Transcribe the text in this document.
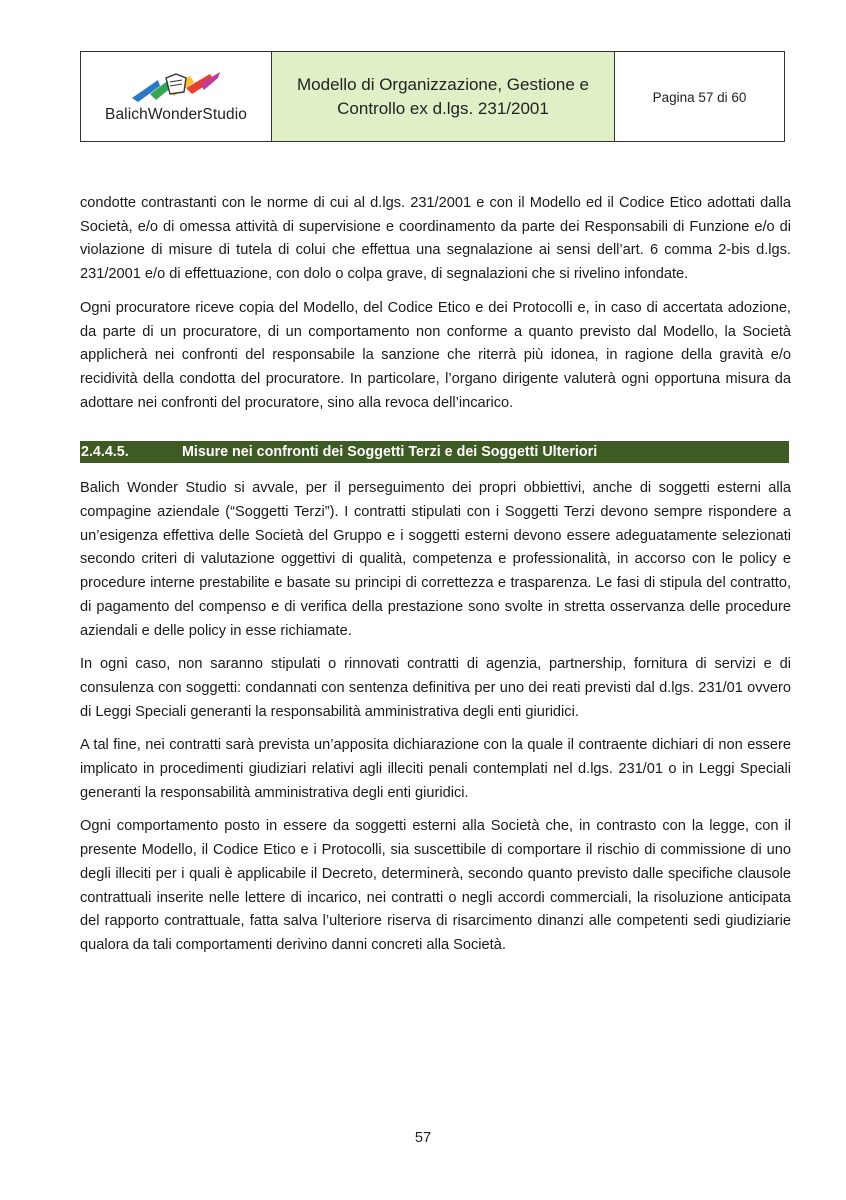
BalichWonderStudio
Modello di Organizzazione, Gestione e Controllo ex d.lgs. 231/2001
Pagina 57 di 60

condotte contrastanti con le norme di cui al d.lgs. 231/2001 e con il Modello ed il Codice Etico adottati dalla Società, e/o di omessa attività di supervisione e coordinamento da parte dei Responsabili di Funzione e/o di violazione di misure di tutela di colui che effettua una segnalazione ai sensi dell’art. 6 comma 2-bis d.lgs. 231/2001 e/o di effettuazione, con dolo o colpa grave, di segnalazioni che si rivelino infondate.

Ogni procuratore riceve copia del Modello, del Codice Etico e dei Protocolli e, in caso di accertata adozione, da parte di un procuratore, di un comportamento non conforme a quanto previsto dal Modello, la Società applicherà nei confronti del responsabile la sanzione che riterrà più idonea, in ragione della gravità e/o recidività della condotta del procuratore. In particolare, l’organo dirigente valuterà ogni opportuna misura da adottare nei confronti del procuratore, sino alla revoca dell’incarico.

2.4.4.5.	Misure nei confronti dei Soggetti Terzi e dei Soggetti Ulteriori

Balich Wonder Studio si avvale, per il perseguimento dei propri obbiettivi, anche di soggetti esterni alla compagine aziendale (“Soggetti Terzi”). I contratti stipulati con i Soggetti Terzi devono sempre rispondere a un’esigenza effettiva delle Società del Gruppo e i soggetti esterni devono essere adeguatamente selezionati secondo criteri di valutazione oggettivi di qualità, competenza e professionalità, in accorso con le policy e procedure interne prestabilite e basate su principi di correttezza e trasparenza. Le fasi di stipula del contratto, di pagamento del compenso e di verifica della prestazione sono svolte in stretta osservanza delle procedure aziendali e delle policy in esse richiamate.

In ogni caso, non saranno stipulati o rinnovati contratti di agenzia, partnership, fornitura di servizi e di consulenza con soggetti: condannati con sentenza definitiva per uno dei reati previsti dal d.lgs. 231/01 ovvero di Leggi Speciali generanti la responsabilità amministrativa degli enti giuridici.

A tal fine, nei contratti sarà prevista un’apposita dichiarazione con la quale il contraente dichiari di non essere implicato in procedimenti giudiziari relativi agli illeciti penali contemplati nel d.lgs. 231/01 o in Leggi Speciali generanti la responsabilità amministrativa degli enti giuridici.

Ogni comportamento posto in essere da soggetti esterni alla Società che, in contrasto con la legge, con il presente Modello, il Codice Etico e i Protocolli, sia suscettibile di comportare il rischio di commissione di uno degli illeciti per i quali è applicabile il Decreto, determinerà, secondo quanto previsto dalle specifiche clausole contrattuali inserite nelle lettere di incarico, nei contratti o negli accordi commerciali, la risoluzione anticipata del rapporto contrattuale, fatta salva l’ulteriore riserva di risarcimento dinanzi alle competenti sedi giudiziarie qualora da tali comportamenti derivino danni concreti alla Società.

57
